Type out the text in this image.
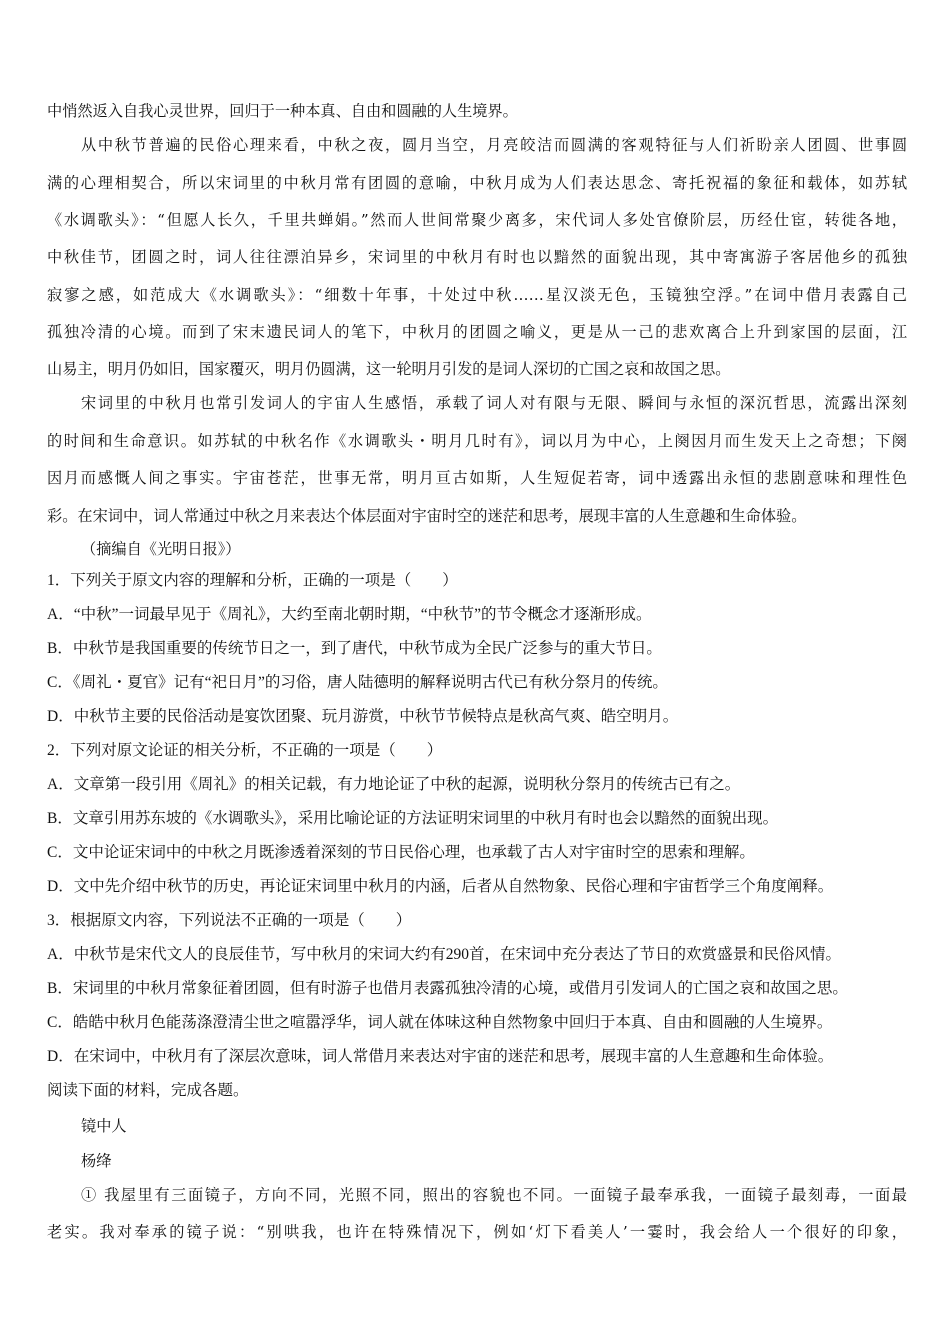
中悄然返入自我心灵世界，回归于一种本真、自由和圆融的人生境界。

从中秋节普遍的民俗心理来看，中秋之夜，圆月当空，月亮皎洁而圆满的客观特征与人们祈盼亲人团圆、世事圆

满的心理相契合，所以宋词里的中秋月常有团圆的意喻，中秋月成为人们表达思念、寄托祝福的象征和载体，如苏轼

《水调歌头》：“但愿人长久，千里共蝉娟。”然而人世间常聚少离多，宋代词人多处官僚阶层，历经仕宦，转徙各地，

中秋佳节，团圆之时，词人往往漂泊异乡，宋词里的中秋月有时也以黯然的面貌出现，其中寄寓游子客居他乡的孤独

寂寥之感，如范成大《水调歌头》：“细数十年事，十处过中秋……星汉淡无色，玉镜独空浮。”在词中借月表露自己

孤独冷清的心境。而到了宋末遗民词人的笔下，中秋月的团圆之喻义，更是从一己的悲欢离合上升到家国的层面，江

山易主，明月仍如旧，国家覆灭，明月仍圆满，这一轮明月引发的是词人深切的亡国之哀和故国之思。

宋词里的中秋月也常引发词人的宇宙人生感悟，承载了词人对有限与无限、瞬间与永恒的深沉哲思，流露出深刻

的时间和生命意识。如苏轼的中秋名作《水调歌头・明月几时有》，词以月为中心，上阕因月而生发天上之奇想；下阕

因月而感慨人间之事实。宇宙苍茫，世事无常，明月亘古如斯，人生短促若寄，词中透露出永恒的悲剧意味和理性色

彩。在宋词中，词人常通过中秋之月来表达个体层面对宇宙时空的迷茫和思考，展现丰富的人生意趣和生命体验。

（摘编自《光明日报》）

1．下列关于原文内容的理解和分析，正确的一项是（　　）

A．“中秋”一词最早见于《周礼》，大约至南北朝时期，“中秋节”的节令概念才逐渐形成。

B．中秋节是我国重要的传统节日之一，到了唐代，中秋节成为全民广泛参与的重大节日。

C．《周礼・夏官》记有“祀日月”的习俗，唐人陆德明的解释说明古代已有秋分祭月的传统。

D．中秋节主要的民俗活动是宴饮团聚、玩月游赏，中秋节节候特点是秋高气爽、皓空明月。

2．下列对原文论证的相关分析，不正确的一项是（　　）

A．文章第一段引用《周礼》的相关记载，有力地论证了中秋的起源，说明秋分祭月的传统古已有之。

B．文章引用苏东坡的《水调歌头》，采用比喻论证的方法证明宋词里的中秋月有时也会以黯然的面貌出现。

C．文中论证宋词中的中秋之月既渗透着深刻的节日民俗心理，也承载了古人对宇宙时空的思索和理解。

D．文中先介绍中秋节的历史，再论证宋词里中秋月的内涵，后者从自然物象、民俗心理和宇宙哲学三个角度阐释。

3．根据原文内容，下列说法不正确的一项是（　　）

A．中秋节是宋代文人的良辰佳节，写中秋月的宋词大约有290首，在宋词中充分表达了节日的欢赏盛景和民俗风情。

B．宋词里的中秋月常象征着团圆，但有时游子也借月表露孤独冷清的心境，或借月引发词人的亡国之哀和故国之思。

C．皓皓中秋月色能荡涤澄清尘世之喧嚣浮华，词人就在体味这种自然物象中回归于本真、自由和圆融的人生境界。

D．在宋词中，中秋月有了深层次意味，词人常借月来表达对宇宙的迷茫和思考，展现丰富的人生意趣和生命体验。

阅读下面的材料，完成各题。

镜中人

杨绛

① 我屋里有三面镜子，方向不同，光照不同，照出的容貌也不同。一面镜子最奉承我，一面镜子最刻毒，一面最

老实。我对奉承的镜子说：“别哄我，也许在特殊情况下，例如‘灯下看美人’一霎时，我会给人一个很好的印象，
